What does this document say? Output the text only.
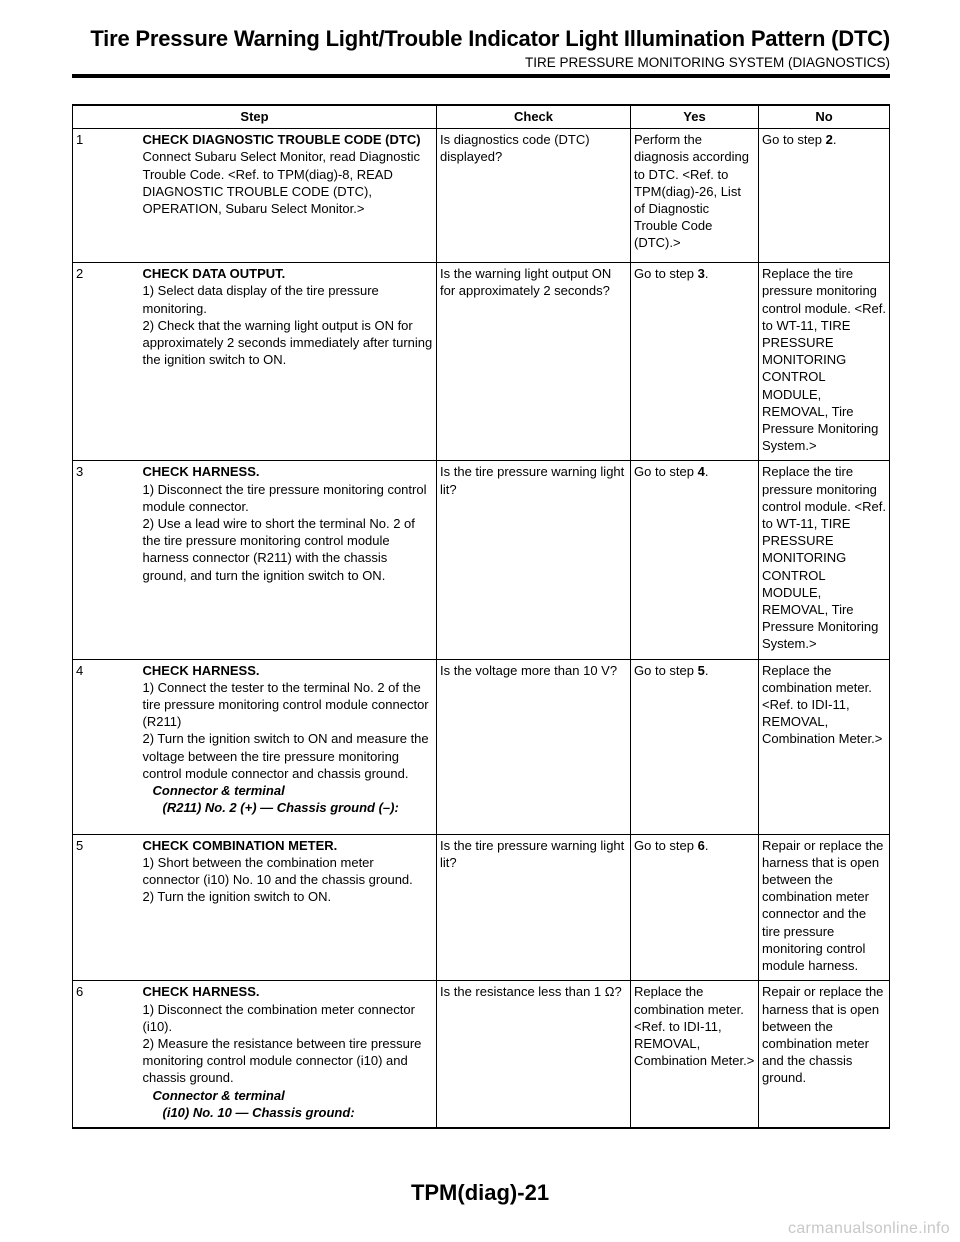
Tire Pressure Warning Light/Trouble Indicator Light Illumination Pattern (DTC)
TIRE PRESSURE MONITORING SYSTEM (DIAGNOSTICS)
Step		Check	Yes	No
1	CHECK DIAGNOSTIC TROUBLE CODE (DTC)
Connect Subaru Select Monitor, read Diagnostic Trouble Code. <Ref. to TPM(diag)-8, READ DIAGNOSTIC TROUBLE CODE (DTC), OPERATION, Subaru Select Monitor.>	Is diagnostics code (DTC) displayed?	Perform the diagnosis according to DTC. <Ref. to TPM(diag)-26, List of Diagnostic Trouble Code (DTC).>	Go to step 2.
2	CHECK DATA OUTPUT.
1) Select data display of the tire pressure monitoring.
2) Check that the warning light output is ON for approximately 2 seconds immediately after turning the ignition switch to ON.	Is the warning light output ON for approximately 2 seconds?	Go to step 3.	Replace the tire pressure monitoring control module. <Ref. to WT-11, TIRE PRESSURE MONITORING CONTROL MODULE, REMOVAL, Tire Pressure Monitoring System.>
3	CHECK HARNESS.
1) Disconnect the tire pressure monitoring control module connector.
2) Use a lead wire to short the terminal No. 2 of the tire pressure monitoring control module harness connector (R211) with the chassis ground, and turn the ignition switch to ON.	Is the tire pressure warning light lit?	Go to step 4.	Replace the tire pressure monitoring control module. <Ref. to WT-11, TIRE PRESSURE MONITORING CONTROL MODULE, REMOVAL, Tire Pressure Monitoring System.>
4	CHECK HARNESS.
1) Connect the tester to the terminal No. 2 of the tire pressure monitoring control module connector (R211)
2) Turn the ignition switch to ON and measure the voltage between the tire pressure monitoring control module connector and chassis ground.
Connector & terminal
(R211) No. 2 (+) — Chassis ground (–):	Is the voltage more than 10 V?	Go to step 5.	Replace the combination meter. <Ref. to IDI-11, REMOVAL, Combination Meter.>
5	CHECK COMBINATION METER.
1) Short between the combination meter connector (i10) No. 10 and the chassis ground.
2) Turn the ignition switch to ON.	Is the tire pressure warning light lit?	Go to step 6.	Repair or replace the harness that is open between the combination meter connector and the tire pressure monitoring control module harness.
6	CHECK HARNESS.
1) Disconnect the combination meter connector (i10).
2) Measure the resistance between tire pressure monitoring control module connector (i10) and chassis ground.
Connector & terminal
(i10) No. 10 — Chassis ground:	Is the resistance less than 1 Ω?	Replace the combination meter. <Ref. to IDI-11, REMOVAL, Combination Meter.>	Repair or replace the harness that is open between the combination meter and the chassis ground.
TPM(diag)-21
carmanualsonline.info
